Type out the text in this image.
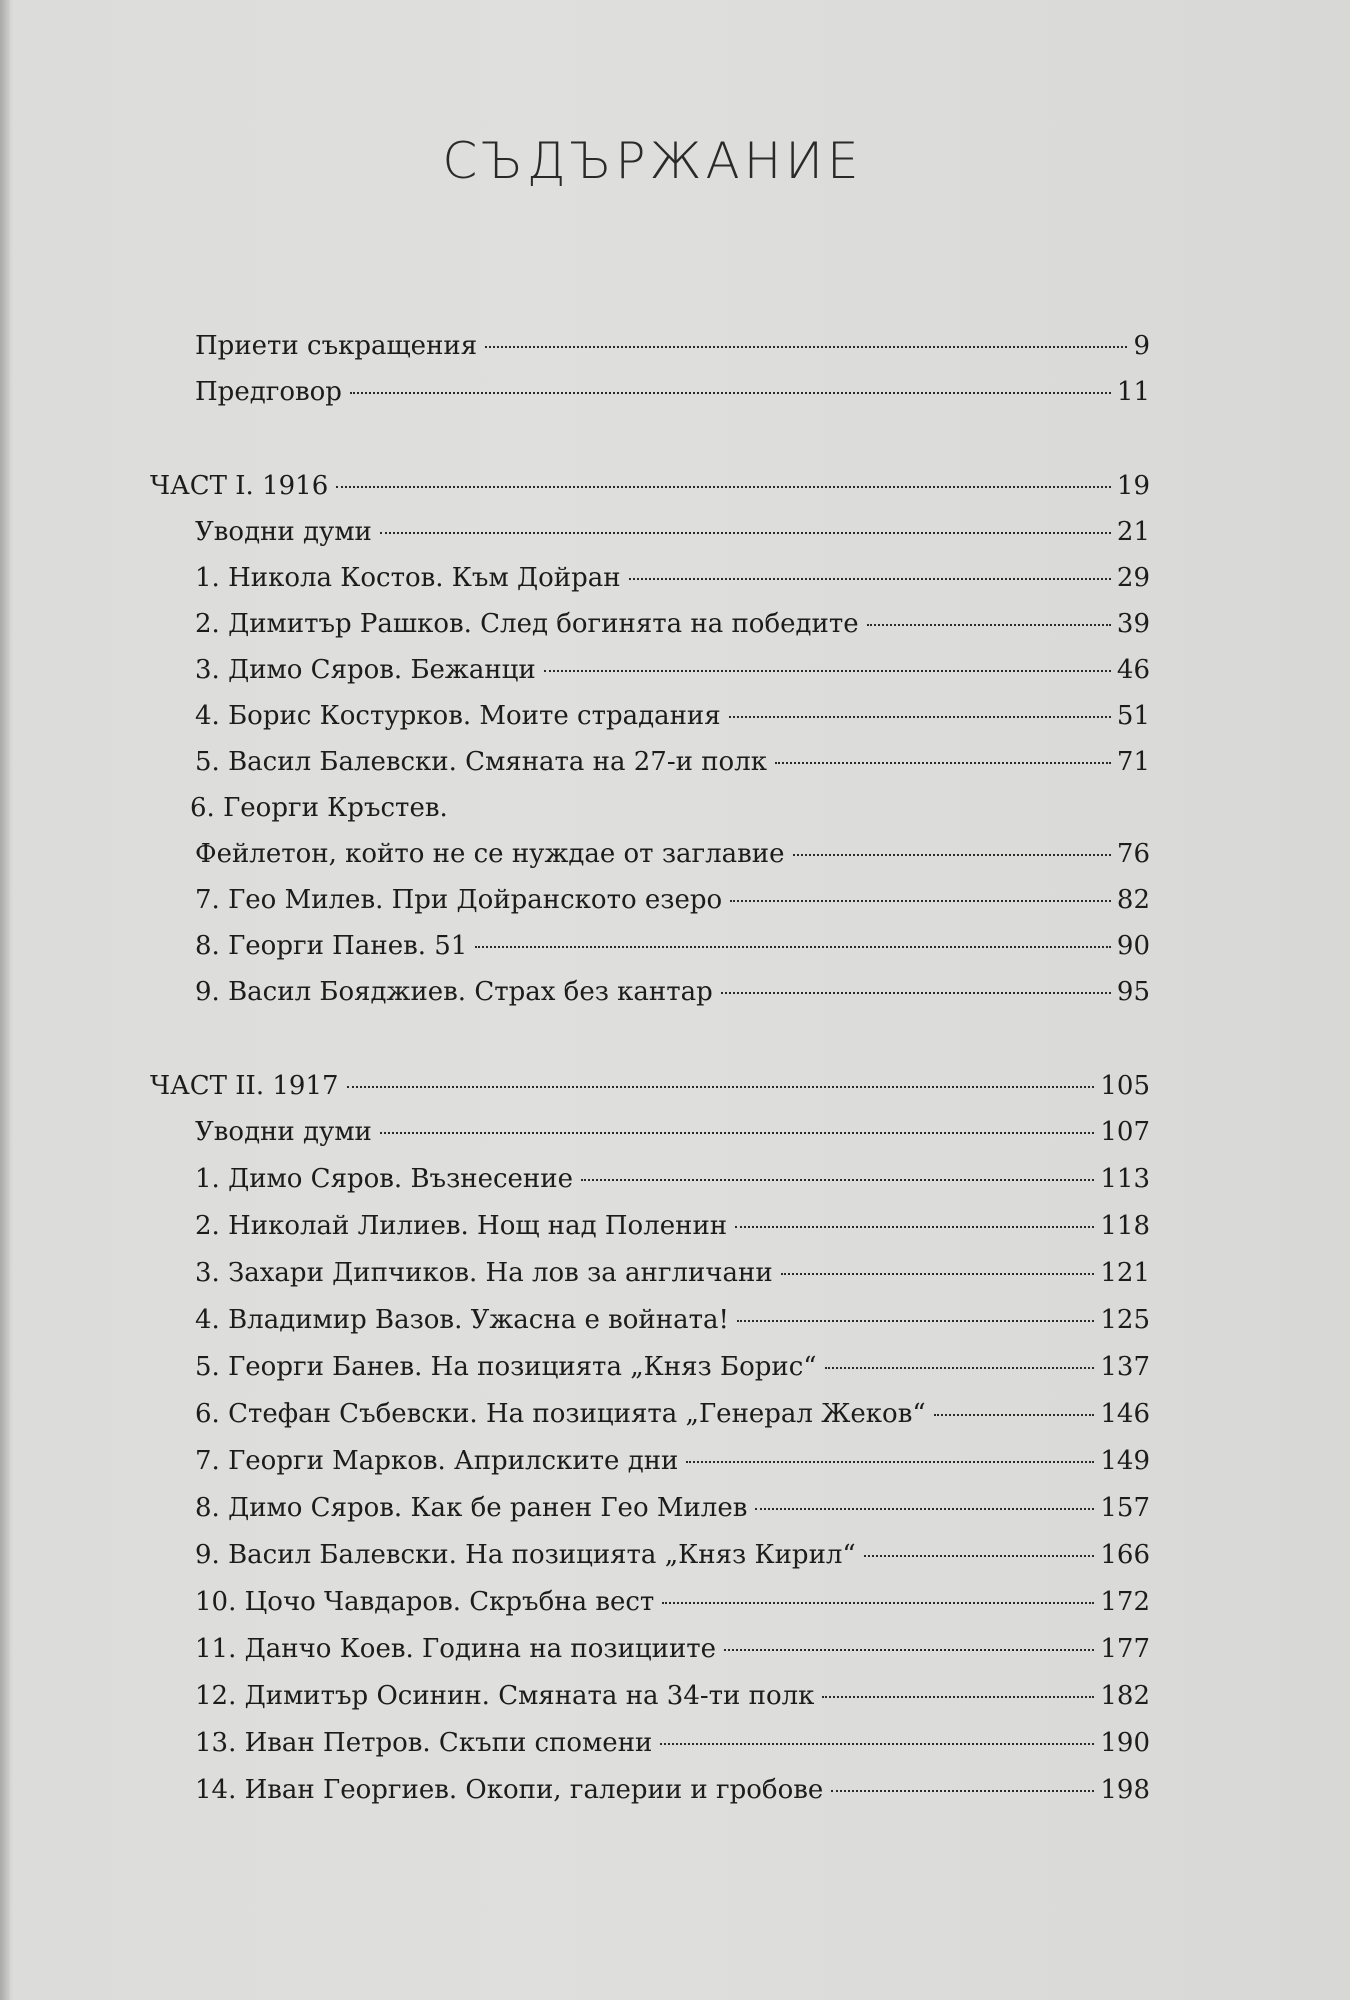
СЪДЪРЖАНИЕ
Приети съкращения	9
Предговор	11
ЧАСТ I. 1916	19
Уводни думи	21
1. Никола Костов. Към Дойран	29
2. Димитър Рашков. След богинята на победите	39
3. Димо Сяров. Бежанци	46
4. Борис Костурков. Моите страдания	51
5. Васил Балевски. Смяната на 27-и полк	71
6. Георги Кръстев.
Фейлетон, който не се нуждае от заглавие	76
7. Гео Милев. При Дойранското езеро	82
8. Георги Панев. 51	90
9. Васил Бояджиев. Страх без кантар	95
ЧАСТ II. 1917	105
Уводни думи	107
1. Димо Сяров. Възнесение	113
2. Николай Лилиев. Нощ над Поленин	118
3. Захари Дипчиков. На лов за англичани	121
4. Владимир Вазов. Ужасна е войната!	125
5. Георги Банев. На позицията „Княз Борис“	137
6. Стефан Събевски. На позицията „Генерал Жеков“	146
7. Георги Марков. Априлските дни	149
8. Димо Сяров. Как бе ранен Гео Милев	157
9. Васил Балевски. На позицията „Княз Кирил“	166
10. Цочо Чавдаров. Скръбна вест	172
11. Данчо Коев. Година на позициите	177
12. Димитър Осинин. Смяната на 34-ти полк	182
13. Иван Петров. Скъпи спомени	190
14. Иван Георгиев. Окопи, галерии и гробове	198
